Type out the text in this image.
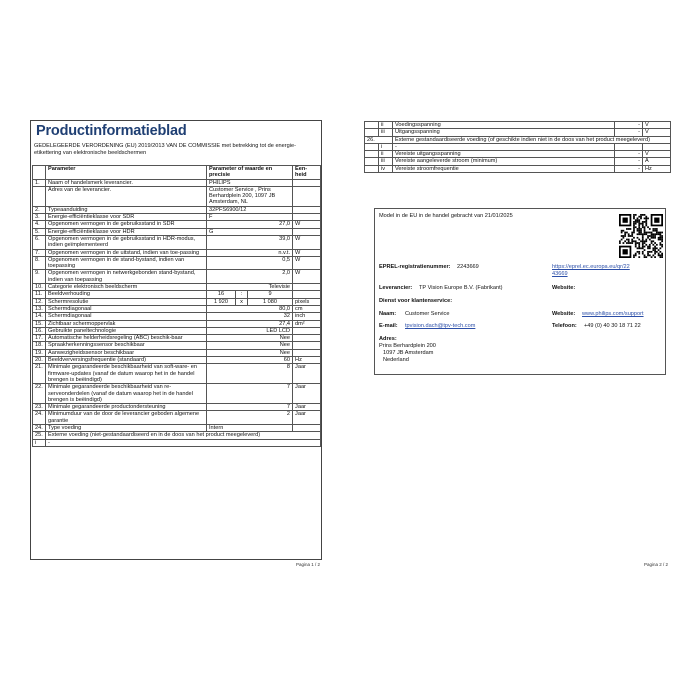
Productinformatieblad
GEDELEGEERDE VERORDENING (EU) 2019/2013 VAN DE COMMISSIE met betrekking tot de energie-etikettering van elektronische beeldschermen
	Parameter	Parameter of waarde en precisie			Een-heid
1.	Naam of handelsmerk leverancier.	PHILIPS			
	Adres van de leverancier.	Customer Service , Prins Berhardplein 200, 1097 JB Amsterdam, NL			
2.	Typeaanduiding	32PFS6900/12			
3.	Energie-efficiëntieklasse voor SDR	F			
4.	Opgenomen vermogen in de gebruiksstand in SDR	27,0			W
5.	Energie-efficiëntieklasse voor HDR	G			
6.	Opgenomen vermogen in de gebruiksstand in HDR-modus, indien geïmplementeerd	39,0			W
7.	Opgenomen vermogen in de uitstand, indien van toe-passing	n.v.t.			W
8.	Opgenomen vermogen in de stand-bystand, indien van toepassing	0,5			W
9.	Opgenomen vermogen in netwerkgebonden stand-bystand, indien van toepassing	2,0			W
10.	Categorie elektronisch beeldscherm	Televisie			
11.	Beeldverhouding	16	:	9	
12.	Schermresolutie	1 920	x	1 080	pixels
13.	Schermdiagonaal	80,0			cm
14.	Schermdiagonaal	32			inch
15.	Zichtbaar schermoppervlak	27,4			dm²
16.	Gebruikte paneltechnologie	LED LCD			
17.	Automatische helderheidsregeling (ABC) beschik-baar	Nee			
18.	Spraakherkenningssensor beschikbaar	Nee			
19.	Aanwezigheidssensor beschikbaar	Nee			
20.	Beeldverversingsfrequentie (standaard)	60			Hz
21.	Minimale gegarandeerde beschikbaarheid van soft-ware- en firmware-updates (vanaf de datum waarop het in de handel brengen is beëindigd)	8			Jaar
22.	Minimale gegarandeerde beschikbaarheid van re-serveonderdelen (vanaf de datum waarop het in de handel brengen is beëindigd)	7			Jaar
23.	Minimale gegarandeerde productondersteuning	7			Jaar
24.	Minimumduur van de door de leverancier geboden algemene garantie	2			Jaar
24.	Type voeding	Intern			
25.	Externe voeding (niet-gestandaardiseerd en in de doos van het product meegeleverd)				
i	-				
Pagina 1 / 2
	ii	Voedingsspanning	-	V
	iii	Uitgangsspanning	-	V
26.		Externe gestandaardiseerde voeding (of geschikte indien niet in de doos van het product meegeleverd)		
	i	-		
	ii	Vereiste uitgangsspanning	-	V
	iii	Vereiste aangeleverde stroom (minimum)	-	A
	iv	Vereiste stroomfrequentie	-	Hz
Model in de EU in de handel gebracht van 21/01/2025
EPREL-registratienummer: 2243669	https://eprel.ec.europa.eu/qr/22
43669
Leverancier: TP Vision Europe B.V. (Fabrikant)	Website:
Dienst voor klantenservice:
Naam: Customer Service	Website: www.philips.com/support
E-mail: tpvision.dach@tpv-tech.com	Telefoon: +49 (0) 40 30 18 71 22
Adres:
Prins Berhardplein 200
1097 JB Amsterdam
Nederland
Pagina 2 / 2
